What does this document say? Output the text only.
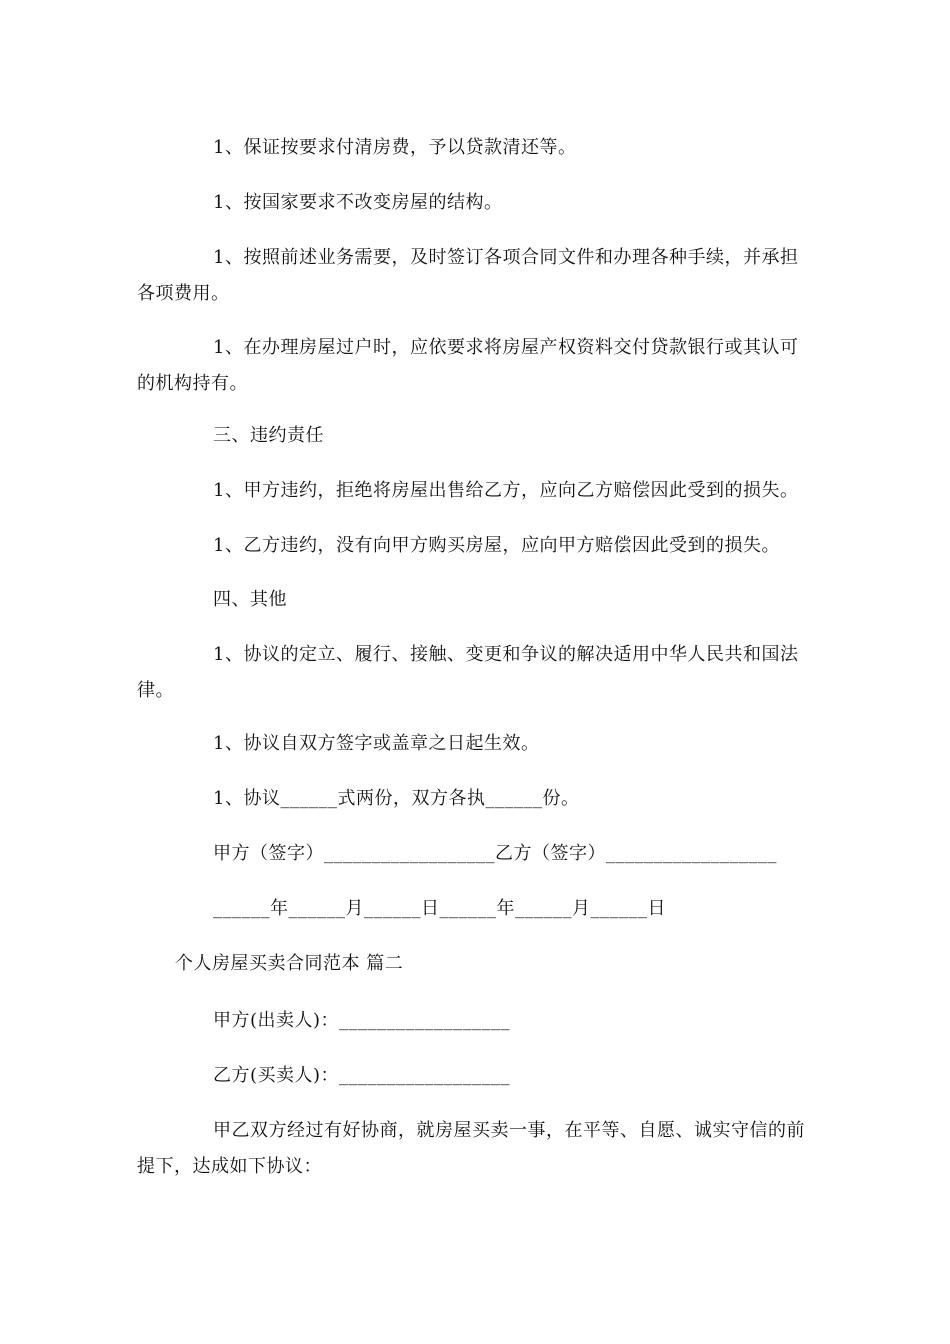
1、保证按要求付清房费，予以贷款清还等。

1、按国家要求不改变房屋的结构。

1、按照前述业务需要，及时签订各项合同文件和办理各种手续，并承担各项费用。

1、在办理房屋过户时，应依要求将房屋产权资料交付贷款银行或其认可的机构持有。

三、违约责任

1、甲方违约，拒绝将房屋出售给乙方，应向乙方赔偿因此受到的损失。

1、乙方违约，没有向甲方购买房屋，应向甲方赔偿因此受到的损失。

四、其他

1、协议的定立、履行、接触、变更和争议的解决适用中华人民共和国法律。

1、协议自双方签字或盖章之日起生效。

1、协议______式两份，双方各执______份。

甲方（签字）__________________乙方（签字）__________________

______年______月______日______年______月______日

个人房屋买卖合同范本 篇二

甲方(出卖人)：__________________

乙方(买卖人)：__________________

甲乙双方经过有好协商，就房屋买卖一事，在平等、自愿、诚实守信的前提下，达成如下协议：
